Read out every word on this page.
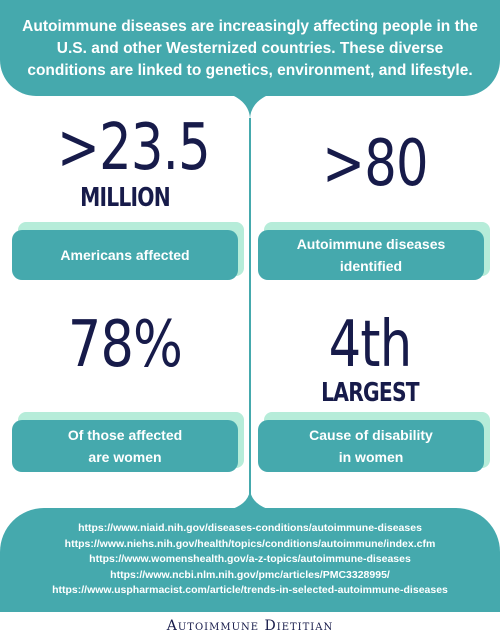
Autoimmune diseases are increasingly affecting people in the U.S. and other Westernized countries. These diverse conditions are linked to genetics, environment, and lifestyle.
>23.5
MILLION
Americans affected
>80
Autoimmune diseases
identified
78%
Of those affected
are women
4th
LARGEST
Cause of disability
in women
https://www.niaid.nih.gov/diseases-conditions/autoimmune-diseases
https://www.niehs.nih.gov/health/topics/conditions/autoimmune/index.cfm
https://www.womenshealth.gov/a-z-topics/autoimmune-diseases
https://www.ncbi.nlm.nih.gov/pmc/articles/PMC3328995/
https://www.uspharmacist.com/article/trends-in-selected-autoimmune-diseases
Autoimmune Dietitian
